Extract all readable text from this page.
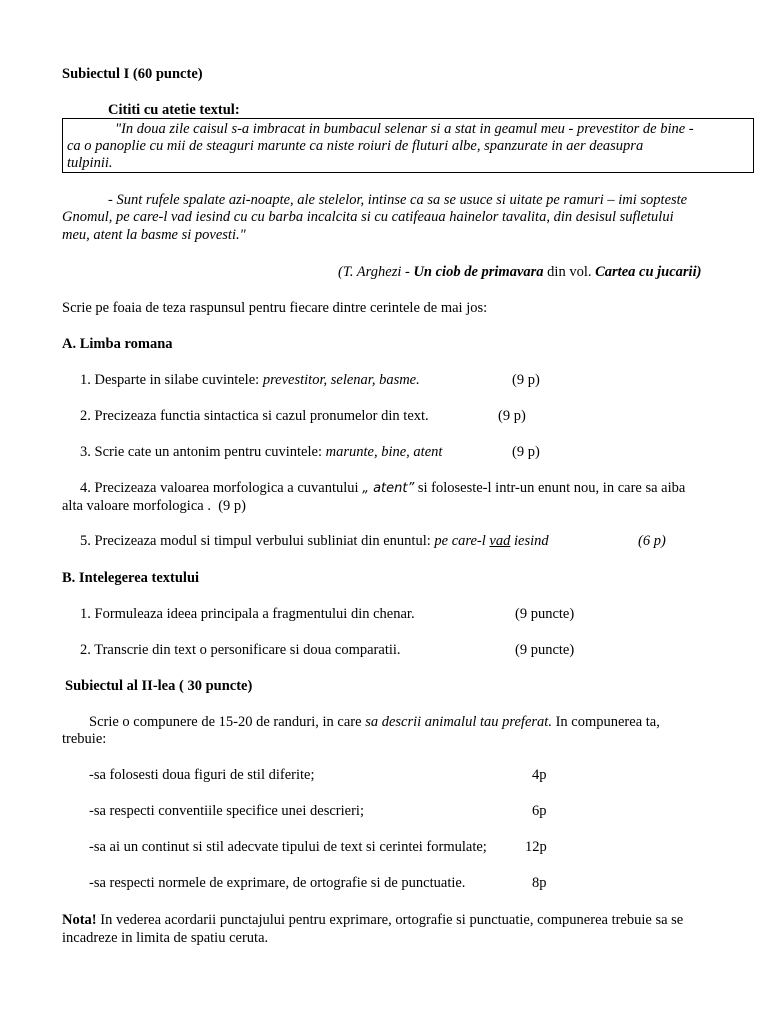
Subiectul I (60 puncte)
Cititi cu atetie textul:
"In doua zile caisul s-a imbracat in bumbacul selenar si a stat in geamul meu - prevestitor de bine -
ca o panoplie cu mii de steaguri marunte ca niste roiuri de fluturi albe, spanzurate in aer deasupra
tulpinii.
- Sunt rufele spalate azi-noapte, ale stelelor, intinse ca sa se usuce si uitate pe ramuri – imi sopteste
Gnomul, pe care-l vad iesind cu cu barba incalcita si cu catifeaua hainelor tavalita, din desisul sufletului
meu, atent la basme si povesti."
(T. Arghezi - Un ciob de primavara din vol. Cartea cu jucarii)
Scrie pe foaia de teza raspunsul pentru fiecare dintre cerintele de mai jos:
A. Limba romana
1. Desparte in silabe cuvintele: prevestitor, selenar, basme.	(9 p)
2. Precizeaza functia sintactica si cazul pronumelor din text.	(9 p)
3. Scrie cate un antonim pentru cuvintele: marunte, bine, atent	(9 p)
4. Precizeaza valoarea morfologica a cuvantului „ atent” si foloseste-l intr-un enunt nou, in care sa aiba
alta valoare morfologica . (9 p)
5. Precizeaza modul si timpul verbului subliniat din enuntul: pe care-l vad iesind	(6 p)
B. Intelegerea textului
1. Formuleaza ideea principala a fragmentului din chenar.	(9 puncte)
2. Transcrie din text o personificare si doua comparatii.	(9 puncte)
Subiectul al II-lea ( 30 puncte)
Scrie o compunere de 15-20 de randuri, in care sa descrii animalul tau preferat. In compunerea ta,
trebuie:
-sa folosesti doua figuri de stil diferite;	4p
-sa respecti conventiile specifice unei descrieri;	6p
-sa ai un continut si stil adecvate tipului de text si cerintei formulate;	12p
-sa respecti normele de exprimare, de ortografie si de punctuatie.	8p
Nota! In vederea acordarii punctajului pentru exprimare, ortografie si punctuatie, compunerea trebuie sa se
incadreze in limita de spatiu ceruta.
